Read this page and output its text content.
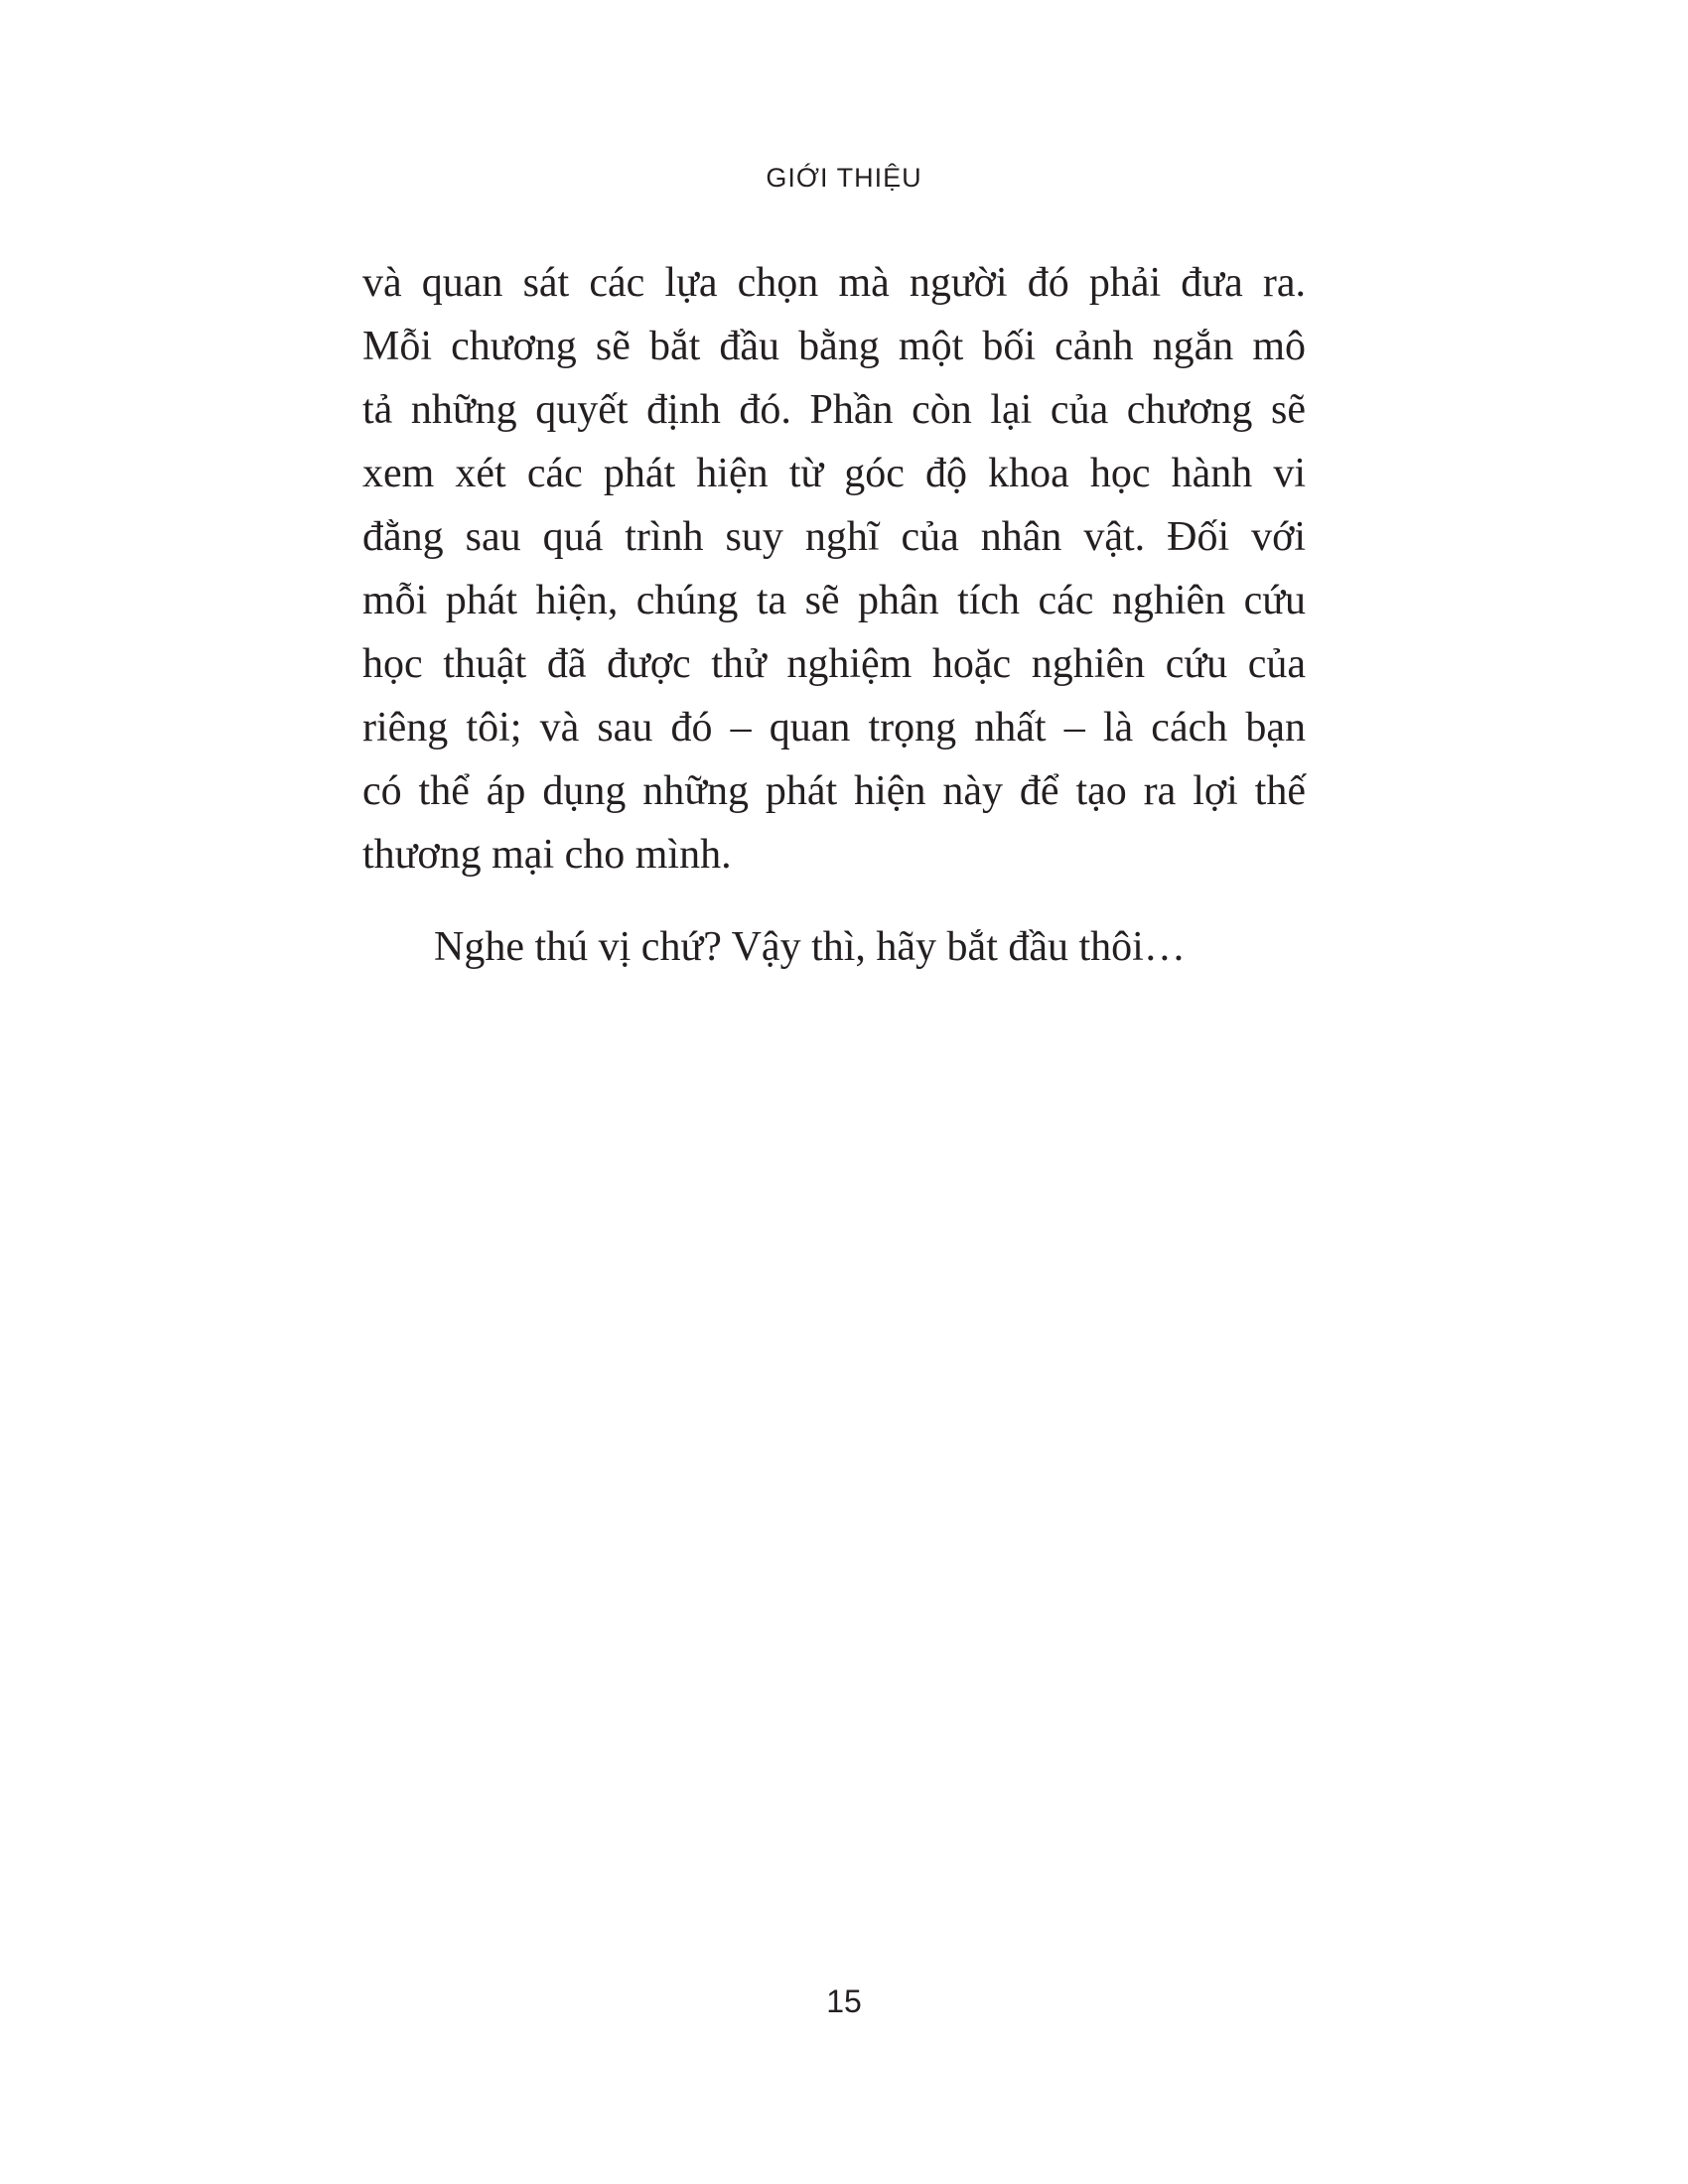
GIỚI THIỆU
và quan sát các lựa chọn mà người đó phải đưa ra.
Mỗi chương sẽ bắt đầu bằng một bối cảnh ngắn mô
tả những quyết định đó. Phần còn lại của chương sẽ
xem xét các phát hiện từ góc độ khoa học hành vi
đằng sau quá trình suy nghĩ của nhân vật. Đối với
mỗi phát hiện, chúng ta sẽ phân tích các nghiên cứu
học thuật đã được thử nghiệm hoặc nghiên cứu của
riêng tôi; và sau đó – quan trọng nhất – là cách bạn
có thể áp dụng những phát hiện này để tạo ra lợi thế
thương mại cho mình.
Nghe thú vị chứ? Vậy thì, hãy bắt đầu thôi…
15
